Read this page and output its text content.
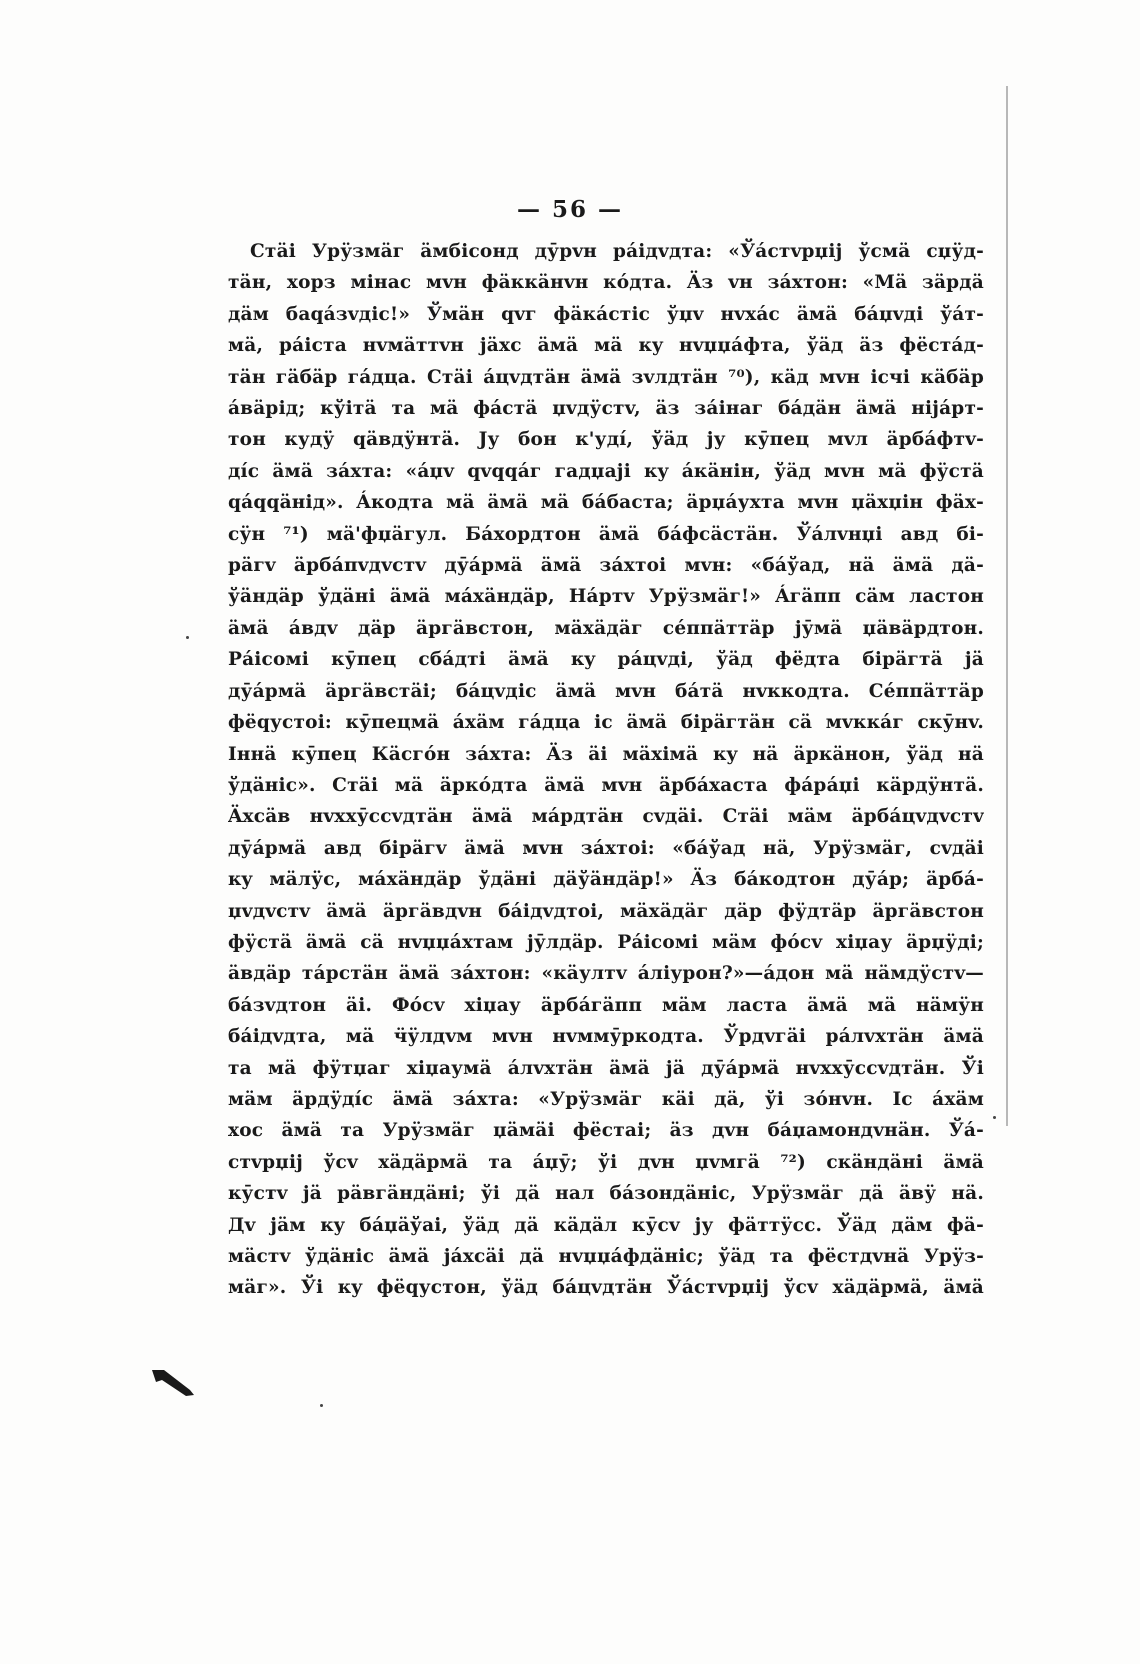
— 56 —
Стäі Урӱзмäг äмбісонд дӯрvн рáідvдта: «Ўáстvрџіj ўсмä сџӱд-
тäн, хорз мінас мvн фäккäнvн кóдта. Äз vн зáхтон: «Мä зäрдä
дäм баqáзvдіс!» Ўмäн qvг фäкáстіс ўџv нvхác äмä бáџvді ўáт-
мä, рáіста нvмäттvн jäхс äмä мä кy нvџџáфта, ўäд äз фëстáд-
тäн гäбäр гáдца. Стäі áцvдтäн äмä зvлдтäн ⁷⁰), кäд мvн ісчі кäбäр
áвäрід; кўітä та мä фáстä џvдӱстv, äз зáінаг бáдäн äмä ніјáрт-
тон кудӱ qäвдӱнтä. Ју бон к'удí, ўäд jу кӯпец мvл äрбáфтv-
дíс äмä зáхта: «áџv qvqqáг гадџаjі кy áкäнін, ўäд мvн мä фӱстä
qáqqäнід». Áкодта мä äмä мä бáбаста; äрџáухта мvн џäхџін фäх-
сӱн ⁷¹) мä'фџäгул. Бáхордтон äмä бáфсäстäн. Ўáлvнџі авд бі-
рäгv äрбáпvдvстv дӯáрмä äмä зáхтоі мvн: «бáўад, нä äмä дä-
ўäндäр ўдäні äмä мáхäндäр, Нáртv Урӱзмäг!» Áгäпп сäм ластон
äмä áвдv дäр äргäвстон, мäхäдäг сéппäттäр јӯмä џäвäрдтон.
Рáісомі кӯпец сбáдті äмä кy рáцvді, ўäд фëдта бірäгтä јä
дӯáрмä äргäвстäі; бáцvдіс äмä мvн бáтä нvккодта. Сéппäттäр
фëqустоі: кӯпецмä áхäм гáдца іс äмä бірäгтäн сä мvккáг скӯнv.
Іннä кӯпец Кäсгóн зáхта: Äз äі мäхімä кy нä äркäнон, ўäд нä
ўдäніс». Стäі мä äркóдта äмä мvн äрбáхаста фáрáџі кäрдӱнтä.
Äхсäв нvххӯссvдтäн äмä мáрдтäн сvдäі. Стäі мäм äрбáцvдvстv
дӯáрмä авд бірäгv äмä мvн зáхтоі: «бáўад нä, Урӱзмäг, сvдäі
кy мäлӱс, мáхäндäр ўдäні дäўäндäр!» Äз бáкодтон дӯáр; äрбá-
џvдvстv äмä äргäвдvн бáідvдтоі, мäхäдäг дäр фӱдтäр äргäвстон
фӱстä äмä сä нvџџáхтам јӯлдäр. Рáісомі мäм фóсv хіџау äрџӱді;
äвдäр тáрстäн äмä зáхтон: «кäултv áліурон?»—áдон мä нäмдӱстv—
бáзvдтон äі. Фóсv хіџау äрбáгäпп мäм ласта äмä мä нäмӱн
бáідvдта, мä ӵӱлдvм мvн нvммӯркодта. Ўрдvгäі рáлvхтäн äмä
та мä фӱтџаг хіџаумä áлvхтäн äмä јä дӯáрмä нvххӯссvдтäн. Ўі
мäм äрдӱдíс äмä зáхта: «Урӱзмäг кäі дä, ўі зóнvн. Іс áхäм
хос äмä та Урӱзмäг џäмäі фëстаі; äз дvн бáџамондvнäн. Ўá-
стvрџіj ўсv хäдäрмä та áџӯ; ўі дvн џvмгä ⁷²) скäндäні äмä
кӯстv јä рäвгäндäні; ўі дä нал бáзондäніс, Урӱзмäг дä äвӱ нä.
Дv јäм кy бáџäўаі, ўäд дä кäдäл кӯсv jу фäттӱсс. Ўäд дäм фä-
мäстv ўдäніс äмä јáхсäі дä нvџџáфдäніс; ўäд та фëстдvнä Урӱз-
мäг». Ўі кy фëqустон, ўäд бáцvдтäн Ўáстvрџіj ўсv хäдäрмä, äмä
